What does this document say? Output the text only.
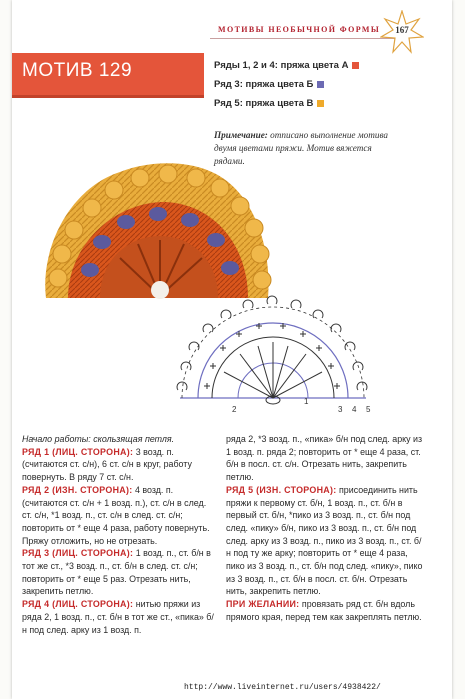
МОТИВЫ НЕОБЫЧНОЙ ФОРМЫ	167
МОТИВ 129	Ряды 1, 2 и 4: пряжа цвета А
Ряд 3: пряжа цвета Б
Ряд 5: пряжа цвета В
Примечание: отписано выполнение мотива двумя цветами пряжи. Мотив вяжется рядами.
1
2	3 4 5

Начало работы: скользящая петля.

РЯД 1 (ЛИЦ. СТОРОНА): 3 возд. п. (считаются ст. с/н), 6 ст. с/н в круг, работу повернуть. В ряду 7 ст. с/н.

РЯД 2 (ИЗН. СТОРОНА): 4 возд. п. (считаются ст. с/н + 1 возд. п.), ст. с/н в след. ст. с/н, *1 возд. п., ст. с/н в след. ст. с/н; повторить от * еще 4 раза, работу повернуть. Пряжу отложить, но не отрезать.

РЯД 3 (ЛИЦ. СТОРОНА): 1 возд. п., ст. б/н в тот же ст., *3 возд. п., ст. б/н в след. ст. с/н; повторить от * еще 5 раз. Отрезать нить, закрепить петлю.

РЯД 4 (ЛИЦ. СТОРОНА): нитью пряжи из ряда 2, 1 возд. п., ст. б/н в тот же ст., «пика» б/н под след. арку из 1 возд. п.

ряда 2, *3 возд. п., «пика» б/н под след. арку из 1 возд. п. ряда 2; повторить от * еще 4 раза, ст. б/н в посл. ст. с/н. Отрезать нить, закрепить петлю.

РЯД 5 (ИЗН. СТОРОНА): присоединить нить пряжи к первому ст. б/н, 1 возд. п., ст. б/н в первый ст. б/н, *пико из 3 возд. п., ст. б/н под след. «пику» б/н, пико из 3 возд. п., ст. б/н под след. арку из 3 возд. п., пико из 3 возд. п., ст. б/н под ту же арку; повторить от * еще 4 раза, пико из 3 возд. п., ст. б/н под след. «пику», пико из 3 возд. п., ст. б/н в посл. ст. б/н. Отрезать нить, закрепить петлю.

ПРИ ЖЕЛАНИИ: провязать ряд ст. б/н вдоль прямого края, перед тем как закреплять петлю.

http://www.liveinternet.ru/users/4938422/
